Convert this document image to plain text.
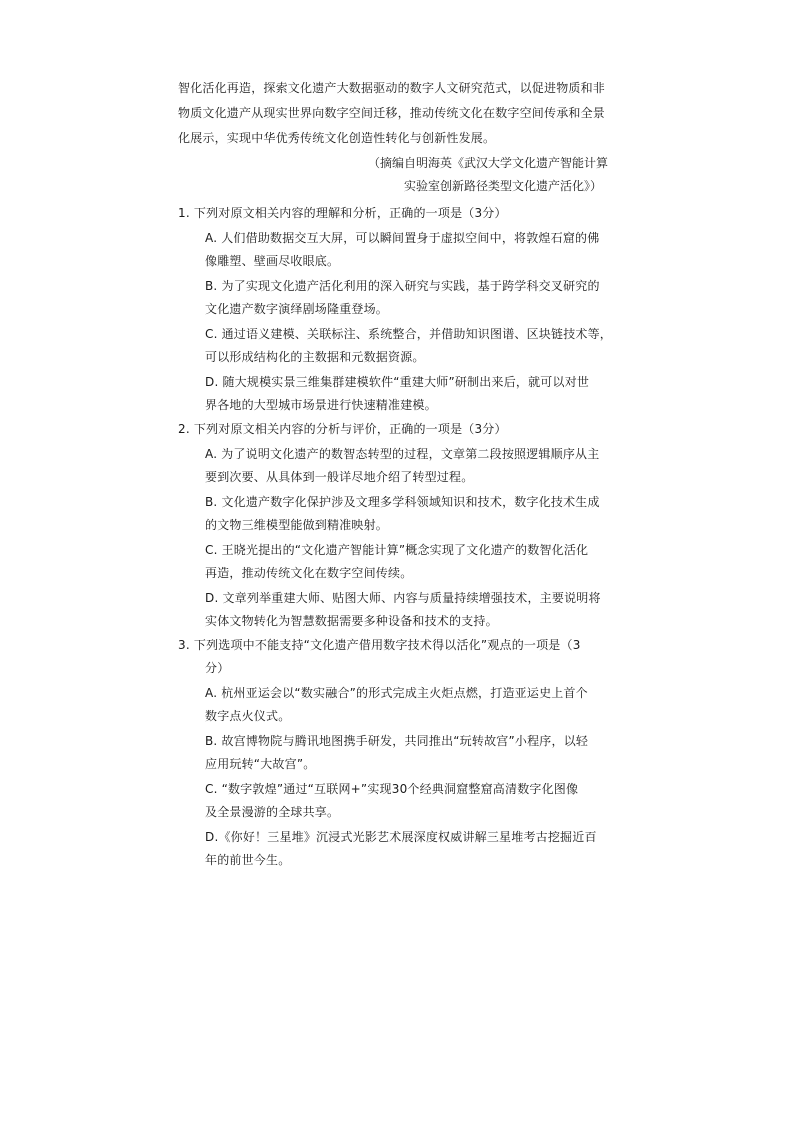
智化活化再造，探索文化遗产大数据驱动的数字人文研究范式，以促进物质和非
物质文化遗产从现实世界向数字空间迁移，推动传统文化在数字空间传承和全景
化展示，实现中华优秀传统文化创造性转化与创新性发展。
（摘编自明海英《武汉大学文化遗产智能计算
实验室创新路径类型文化遗产活化》）
1. 下列对原文相关内容的理解和分析，正确的一项是（3分）
A. 人们借助数据交互大屏，可以瞬间置身于虚拟空间中，将敦煌石窟的佛
像雕塑、壁画尽收眼底。
B. 为了实现文化遗产活化利用的深入研究与实践，基于跨学科交叉研究的
文化遗产数字演绎剧场隆重登场。
C. 通过语义建模、关联标注、系统整合，并借助知识图谱、区块链技术等，
可以形成结构化的主数据和元数据资源。
D. 随大规模实景三维集群建模软件“重建大师”研制出来后，就可以对世
界各地的大型城市场景进行快速精准建模。
2. 下列对原文相关内容的分析与评价，正确的一项是（3分）
A. 为了说明文化遗产的数智态转型的过程，文章第二段按照逻辑顺序从主
要到次要、从具体到一般详尽地介绍了转型过程。
B. 文化遗产数字化保护涉及文理多学科领域知识和技术，数字化技术生成
的文物三维模型能做到精准映射。
C. 王晓光提出的“文化遗产智能计算”概念实现了文化遗产的数智化活化
再造，推动传统文化在数字空间传续。
D. 文章列举重建大师、贴图大师、内容与质量持续增强技术，主要说明将
实体文物转化为智慧数据需要多种设备和技术的支持。
3. 下列选项中不能支持“文化遗产借用数字技术得以活化”观点的一项是（3
分）
A. 杭州亚运会以“数实融合”的形式完成主火炬点燃，打造亚运史上首个
数字点火仪式。
B. 故宫博物院与腾讯地图携手研发，共同推出“玩转故宫”小程序，以轻
应用玩转“大故宫”。
C. “数字敦煌”通过“互联网+”实现30个经典洞窟整窟高清数字化图像
及全景漫游的全球共享。
D.《你好！三星堆》沉浸式光影艺术展深度权威讲解三星堆考古挖掘近百
年的前世今生。
